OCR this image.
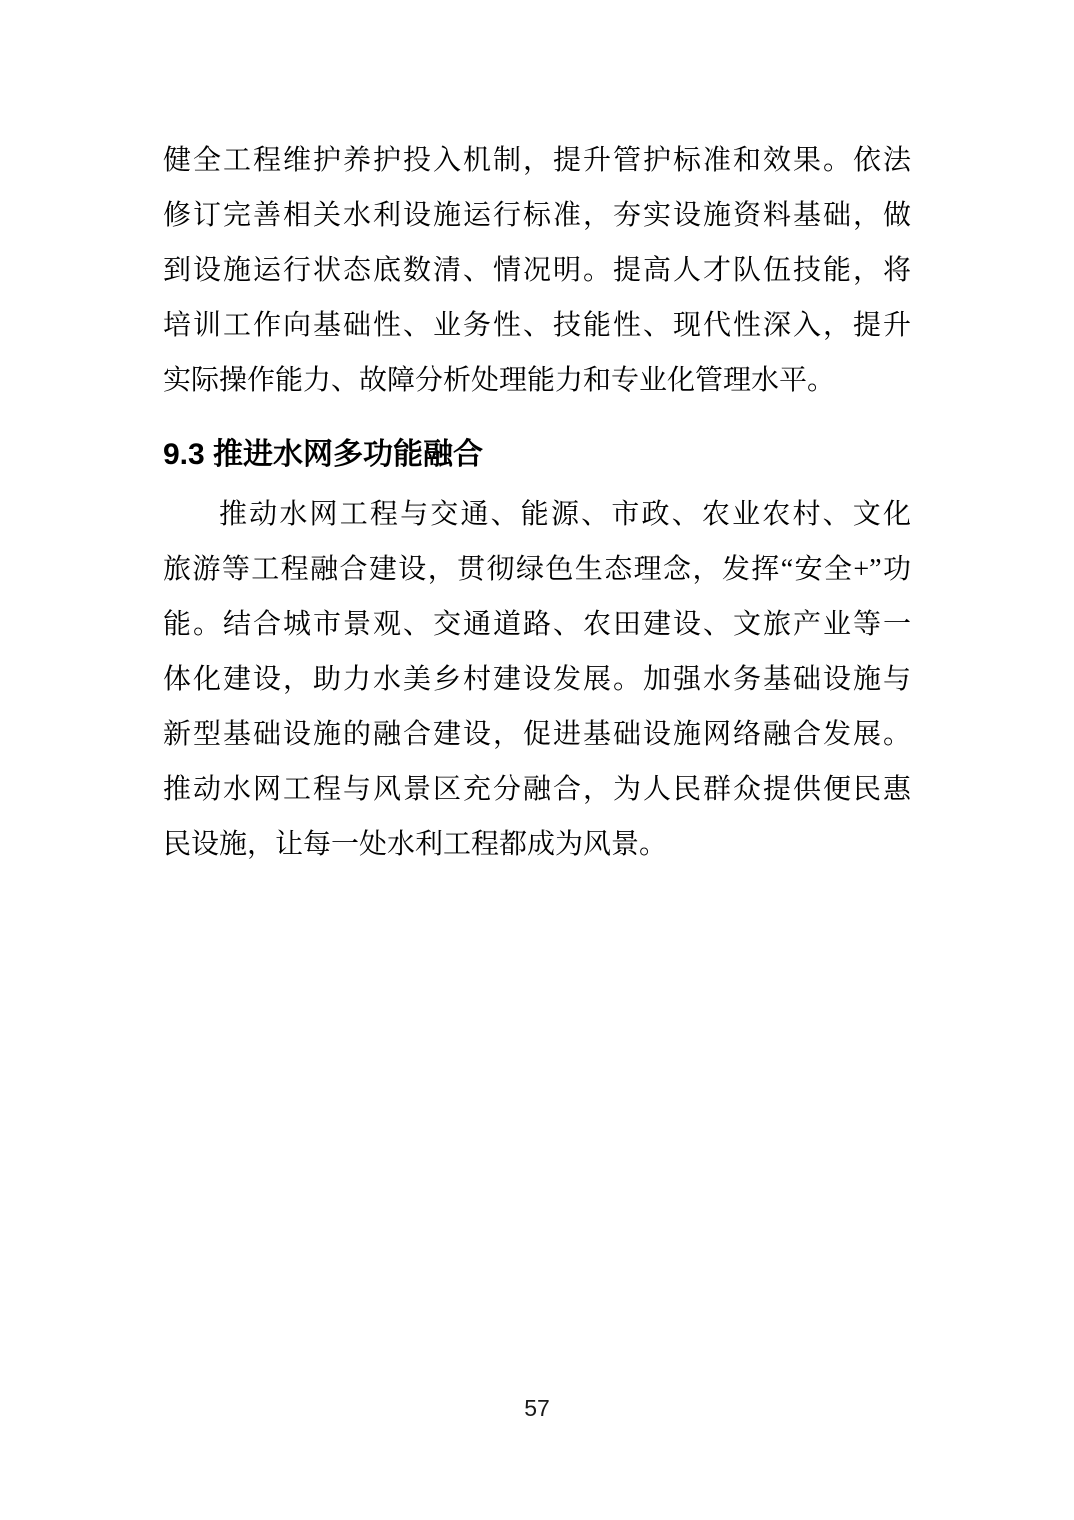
健全工程维护养护投入机制，提升管护标准和效果。依法
修订完善相关水利设施运行标准，夯实设施资料基础，做
到设施运行状态底数清、情况明。提高人才队伍技能，将
培训工作向基础性、业务性、技能性、现代性深入，提升
实际操作能力、故障分析处理能力和专业化管理水平。
9.3 推进水网多功能融合
推动水网工程与交通、能源、市政、农业农村、文化
旅游等工程融合建设，贯彻绿色生态理念，发挥“安全+”功
能。结合城市景观、交通道路、农田建设、文旅产业等一
体化建设，助力水美乡村建设发展。加强水务基础设施与
新型基础设施的融合建设，促进基础设施网络融合发展。
推动水网工程与风景区充分融合，为人民群众提供便民惠
民设施，让每一处水利工程都成为风景。
57
